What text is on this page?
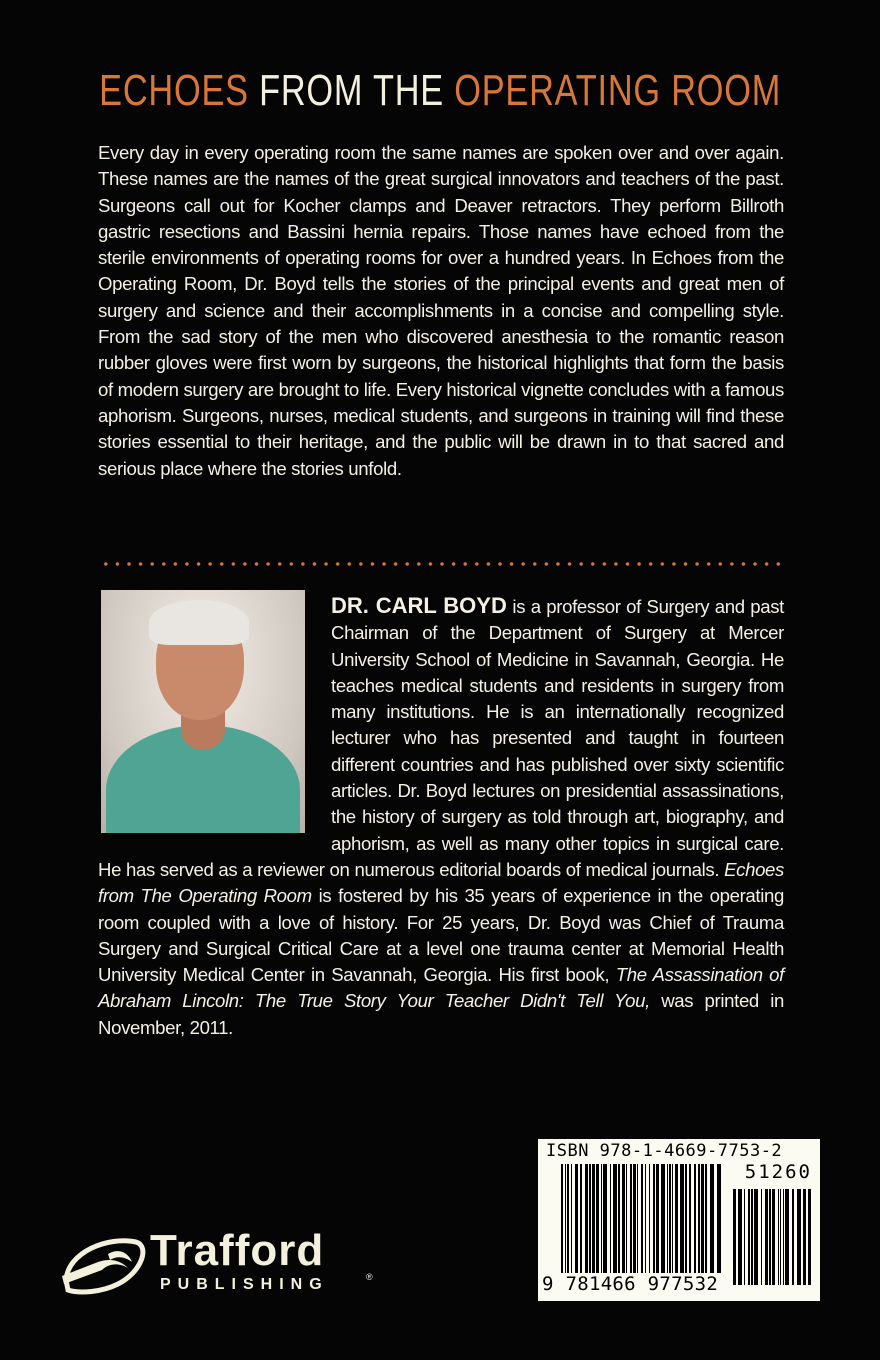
ECHOES FROM THE OPERATING ROOM

Every day in every operating room the same names are spoken over and over again. These names are the names of the great surgical innovators and teachers of the past. Surgeons call out for Kocher clamps and Deaver retractors. They perform Billroth gastric resections and Bassini hernia repairs. Those names have echoed from the sterile environments of operating rooms for over a hundred years. In Echoes from the Operating Room, Dr. Boyd tells the stories of the principal events and great men of surgery and science and their accomplishments in a concise and compelling style. From the sad story of the men who discovered anesthesia to the romantic reason rubber gloves were first worn by surgeons, the historical highlights that form the basis of modern surgery are brought to life. Every historical vignette concludes with a famous aphorism. Surgeons, nurses, medical students, and surgeons in training will find these stories essential to their heritage, and the public will be drawn in to that sacred and serious place where the stories unfold.

DR. CARL BOYD is a professor of Surgery and past Chairman of the Department of Surgery at Mercer University School of Medicine in Savannah, Georgia. He teaches medical students and residents in surgery from many institutions. He is an internationally recognized lecturer who has presented and taught in fourteen different countries and has published over sixty scientific articles. Dr. Boyd lectures on presidential assassinations, the history of surgery as told through art, biography, and aphorism, as well as many other topics in surgical care. He has served as a reviewer on numerous editorial boards of medical journals. Echoes from The Operating Room is fostered by his 35 years of experience in the operating room coupled with a love of history. For 25 years, Dr. Boyd was Chief of Trauma Surgery and Surgical Critical Care at a level one trauma center at Memorial Health University Medical Center in Savannah, Georgia. His first book, The Assassination of Abraham Lincoln: The True Story Your Teacher Didn't Tell You, was printed in November, 2011.

ISBN 978-1-4669-7753-2
51260
9 781466 977532
Trafford
PUBLISHING	®
